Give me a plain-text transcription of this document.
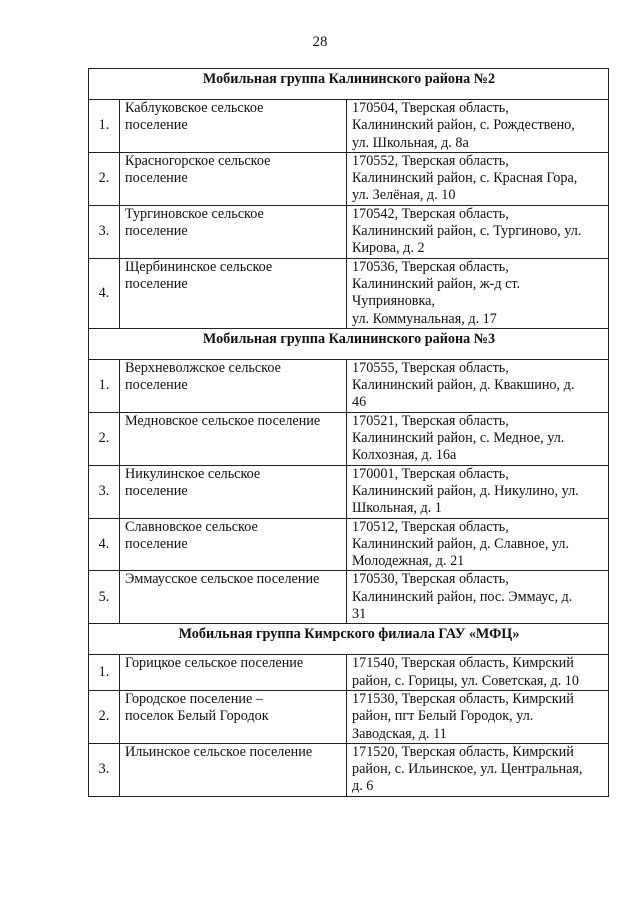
28
Мобильная группа Калининского района №2		
1.	Каблуковское сельское
поселение	170504, Тверская область,
Калининский район, с. Рождествено,
ул. Школьная, д. 8а
2.	Красногорское сельское
поселение	170552, Тверская область,
Калининский район, с. Красная Гора,
ул. Зелёная, д. 10
3.	Тургиновское сельское
поселение	170542, Тверская область,
Калининский район, с. Тургиново, ул.
Кирова, д. 2
4.	Щербининское сельское
поселение	170536, Тверская область,
Калининский район, ж-д ст.
Чуприяновка,
ул. Коммунальная, д. 17
Мобильная группа Калининского района №3		
1.	Верхневолжское сельское
поселение	170555, Тверская область,
Калининский район, д. Квакшино, д.
46
2.	Медновское сельское поселение	170521, Тверская область,
Калининский район, с. Медное, ул.
Колхозная, д. 16а
3.	Никулинское сельское
поселение	170001, Тверская область,
Калининский район, д. Никулино, ул.
Школьная, д. 1
4.	Славновское сельское
поселение	170512, Тверская область,
Калининский район, д. Славное, ул.
Молодежная, д. 21
5.	Эммаусское сельское поселение	170530, Тверская область,
Калининский район, пос. Эммаус, д.
31
Мобильная группа Кимрского филиала ГАУ «МФЦ»		
1.	Горицкое сельское поселение	171540, Тверская область, Кимрский
район, с. Горицы, ул. Советская, д. 10
2.	Городское поселение –
поселок Белый Городок	171530, Тверская область, Кимрский
район, пгт Белый Городок, ул.
Заводская, д. 11
3.	Ильинское сельское поселение	171520, Тверская область, Кимрский
район, с. Ильинское, ул. Центральная,
д. 6
